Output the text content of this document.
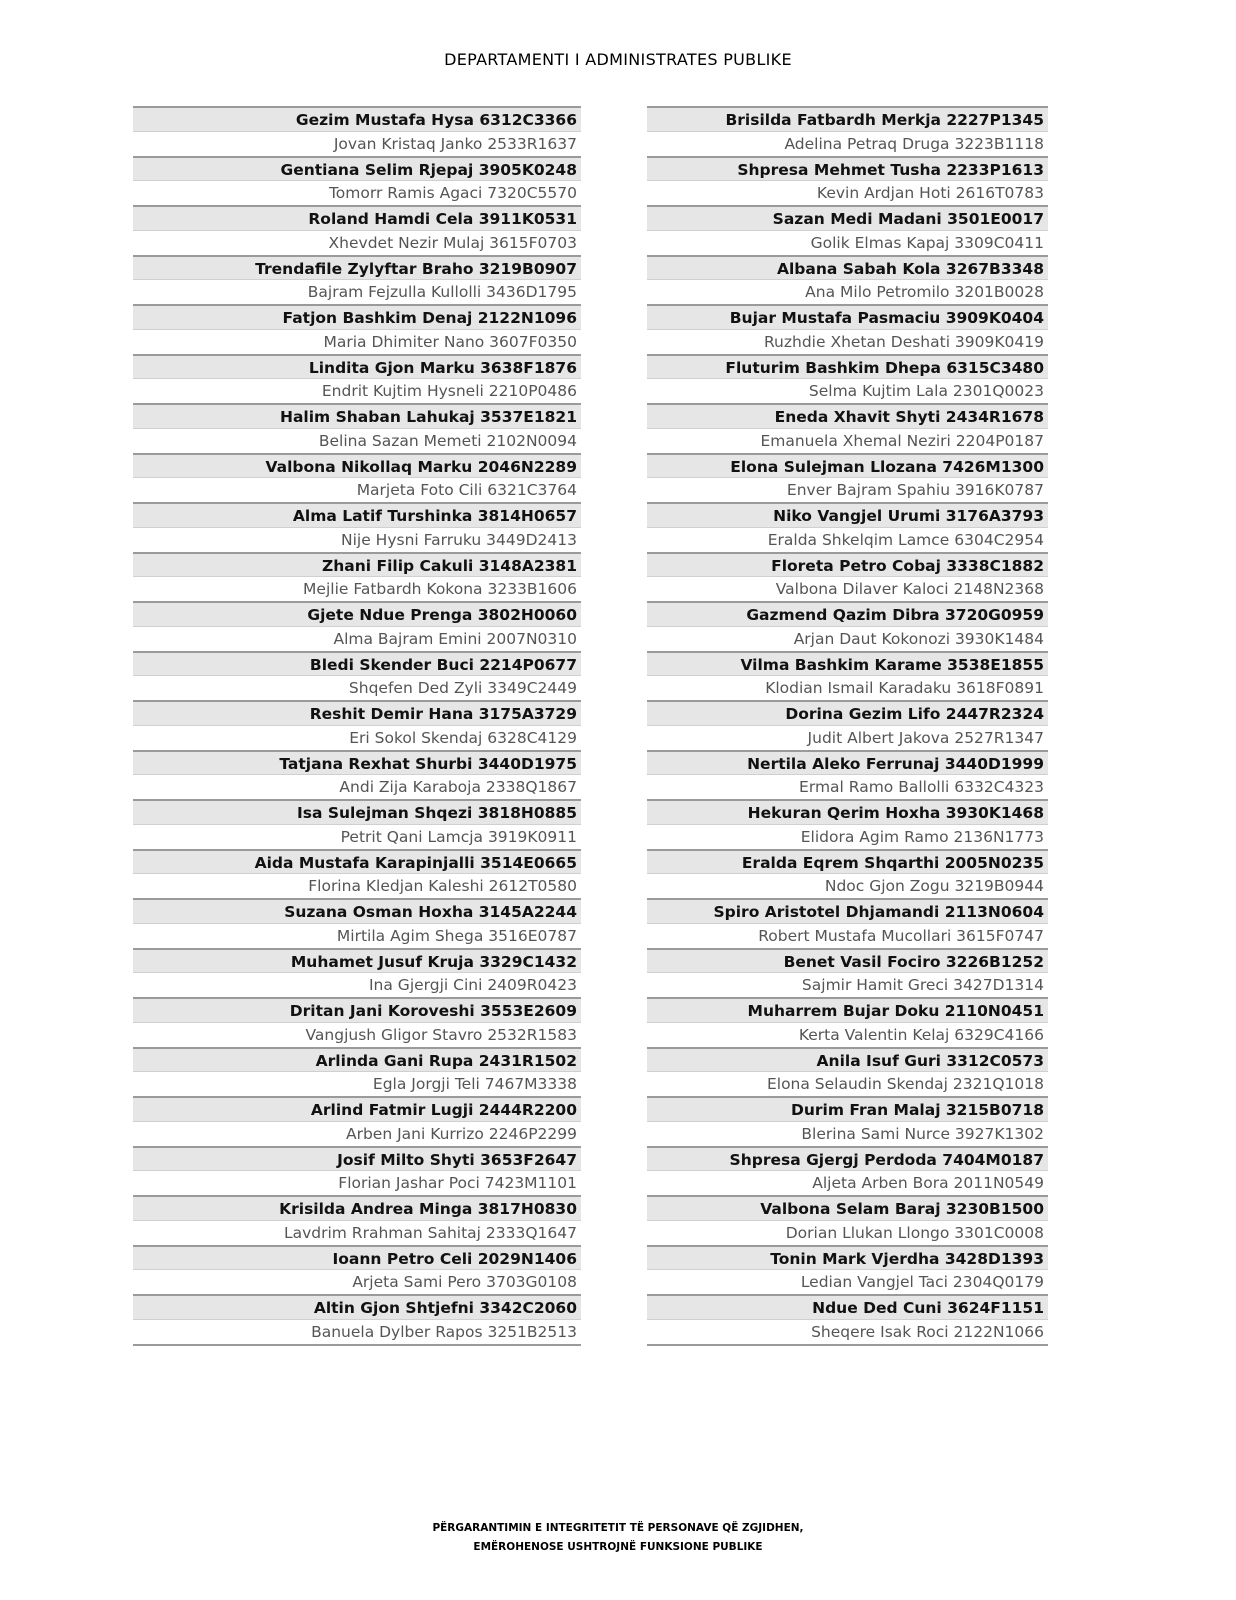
DEPARTAMENTI I ADMINISTRATES PUBLIKE
Gezim Mustafa Hysa 6312C3366
Jovan Kristaq Janko 2533R1637
Gentiana Selim Rjepaj 3905K0248
Tomorr Ramis Agaci 7320C5570
Roland Hamdi Cela 3911K0531
Xhevdet Nezir Mulaj 3615F0703
Trendafile Zylyftar Braho 3219B0907
Bajram Fejzulla Kullolli 3436D1795
Fatjon Bashkim Denaj 2122N1096
Maria Dhimiter Nano 3607F0350
Lindita Gjon Marku 3638F1876
Endrit Kujtim Hysneli 2210P0486
Halim Shaban Lahukaj 3537E1821
Belina Sazan Memeti 2102N0094
Valbona Nikollaq Marku 2046N2289
Marjeta Foto Cili 6321C3764
Alma Latif Turshinka 3814H0657
Nije Hysni Farruku 3449D2413
Zhani Filip Cakuli 3148A2381
Mejlie Fatbardh Kokona 3233B1606
Gjete Ndue Prenga 3802H0060
Alma Bajram Emini 2007N0310
Bledi Skender Buci 2214P0677
Shqefen Ded Zyli 3349C2449
Reshit Demir Hana 3175A3729
Eri Sokol Skendaj 6328C4129
Tatjana Rexhat Shurbi 3440D1975
Andi Zija Karaboja 2338Q1867
Isa Sulejman Shqezi 3818H0885
Petrit Qani Lamcja 3919K0911
Aida Mustafa Karapinjalli 3514E0665
Florina Kledjan Kaleshi 2612T0580
Suzana Osman Hoxha 3145A2244
Mirtila Agim Shega 3516E0787
Muhamet Jusuf Kruja 3329C1432
Ina Gjergji Cini 2409R0423
Dritan Jani Koroveshi 3553E2609
Vangjush Gligor Stavro 2532R1583
Arlinda Gani Rupa 2431R1502
Egla Jorgji Teli 7467M3338
Arlind Fatmir Lugji 2444R2200
Arben Jani Kurrizo 2246P2299
Josif Milto Shyti 3653F2647
Florian Jashar Poci 7423M1101
Krisilda Andrea Minga 3817H0830
Lavdrim Rrahman Sahitaj 2333Q1647
Ioann Petro Celi 2029N1406
Arjeta Sami Pero 3703G0108
Altin Gjon Shtjefni 3342C2060
Banuela Dylber Rapos 3251B2513
Brisilda Fatbardh Merkja 2227P1345
Adelina Petraq Druga 3223B1118
Shpresa Mehmet Tusha 2233P1613
Kevin Ardjan Hoti 2616T0783
Sazan Medi Madani 3501E0017
Golik Elmas Kapaj 3309C0411
Albana Sabah Kola 3267B3348
Ana Milo Petromilo 3201B0028
Bujar Mustafa Pasmaciu 3909K0404
Ruzhdie Xhetan Deshati 3909K0419
Fluturim Bashkim Dhepa 6315C3480
Selma Kujtim Lala 2301Q0023
Eneda Xhavit Shyti 2434R1678
Emanuela Xhemal Neziri 2204P0187
Elona Sulejman Llozana 7426M1300
Enver Bajram Spahiu 3916K0787
Niko Vangjel Urumi 3176A3793
Eralda Shkelqim Lamce 6304C2954
Floreta Petro Cobaj 3338C1882
Valbona Dilaver Kaloci 2148N2368
Gazmend Qazim Dibra 3720G0959
Arjan Daut Kokonozi 3930K1484
Vilma Bashkim Karame 3538E1855
Klodian Ismail Karadaku 3618F0891
Dorina Gezim Lifo 2447R2324
Judit Albert Jakova 2527R1347
Nertila Aleko Ferrunaj 3440D1999
Ermal Ramo Ballolli 6332C4323
Hekuran Qerim Hoxha 3930K1468
Elidora Agim Ramo 2136N1773
Eralda Eqrem Shqarthi 2005N0235
Ndoc Gjon Zogu 3219B0944
Spiro Aristotel Dhjamandi 2113N0604
Robert Mustafa Mucollari 3615F0747
Benet Vasil Fociro 3226B1252
Sajmir Hamit Greci 3427D1314
Muharrem Bujar Doku 2110N0451
Kerta Valentin Kelaj 6329C4166
Anila Isuf Guri 3312C0573
Elona Selaudin Skendaj 2321Q1018
Durim Fran Malaj 3215B0718
Blerina Sami Nurce 3927K1302
Shpresa Gjergj Perdoda 7404M0187
Aljeta Arben Bora 2011N0549
Valbona Selam Baraj 3230B1500
Dorian Llukan Llongo 3301C0008
Tonin Mark Vjerdha 3428D1393
Ledian Vangjel Taci 2304Q0179
Ndue Ded Cuni 3624F1151
Sheqere Isak Roci 2122N1066
PËRGARANTIMIN E INTEGRITETIT TË PERSONAVE QË ZGJIDHEN,
EMËROHENOSE USHTROJNË FUNKSIONE PUBLIKE
